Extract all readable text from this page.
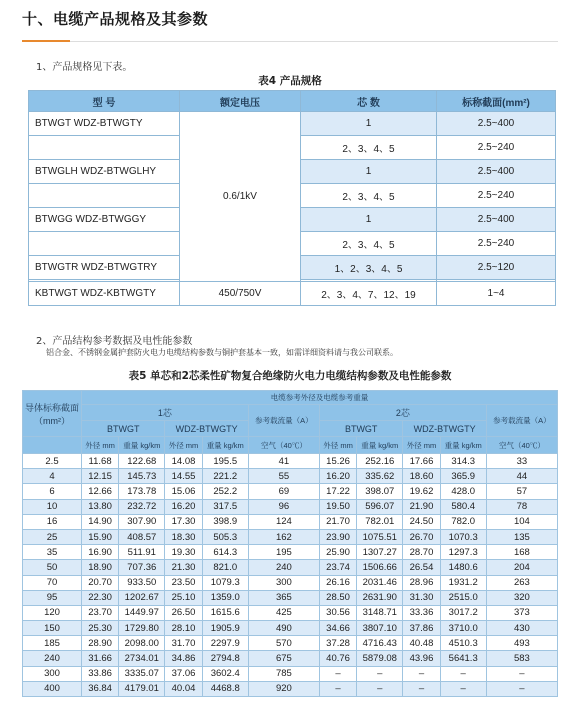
十、电缆产品规格及其参数
1、产品规格见下表。
表4 产品规格
型 号	额定电压	芯 数	标称截面(mm²)
BTWGT WDZ-BTWGTY	0.6/1kV	1	2.5~400
		2、3、4、5	2.5~240
BTWGLH WDZ-BTWGLHY		1	2.5~400
		2、3、4、5	2.5~240
BTWGG WDZ-BTWGGY		1	2.5~400
		2、3、4、5	2.5~240
BTWGTR WDZ-BTWGTRY		1、2、3、4、5	2.5~120

KBTWGT WDZ-KBTWGTY	450/750V	2、3、4、7、12、19	1~4
2、产品结构参考数据及电性能参数
铝合金、不锈钢金属护套防火电力电缆结构参数与铜护套基本一致，如需详细资料请与我公司联系。
表5 单芯和2芯柔性矿物复合绝缘防火电力电缆结构参数及电性能参数
导体标称截面（mm²）	电缆参考外径及电缆参考重量									
	1芯				参考载流量（A）	2芯				参考载流量（A）
	BTWGT		WDZ-BTWGTY			BTWGT		WDZ-BTWGTY		
	外径 mm	重量 kg/km	外径 mm	重量 kg/km	空气（40℃）	外径 mm	重量 kg/km	外径 mm	重量 kg/km	空气（40℃）
2.5	11.68	122.68	14.08	195.5	41	15.26	252.16	17.66	314.3	33
4	12.15	145.73	14.55	221.2	55	16.20	335.62	18.60	365.9	44
6	12.66	173.78	15.06	252.2	69	17.22	398.07	19.62	428.0	57
10	13.80	232.72	16.20	317.5	96	19.50	596.07	21.90	580.4	78
16	14.90	307.90	17.30	398.9	124	21.70	782.01	24.50	782.0	104
25	15.90	408.57	18.30	505.3	162	23.90	1075.51	26.70	1070.3	135
35	16.90	511.91	19.30	614.3	195	25.90	1307.27	28.70	1297.3	168
50	18.90	707.36	21.30	821.0	240	23.74	1506.66	26.54	1480.6	204
70	20.70	933.50	23.50	1079.3	300	26.16	2031.46	28.96	1931.2	263
95	22.30	1202.67	25.10	1359.0	365	28.50	2631.90	31.30	2515.0	320
120	23.70	1449.97	26.50	1615.6	425	30.56	3148.71	33.36	3017.2	373
150	25.30	1729.80	28.10	1905.9	490	34.66	3807.10	37.86	3710.0	430
185	28.90	2098.00	31.70	2297.9	570	37.28	4716.43	40.48	4510.3	493
240	31.66	2734.01	34.86	2794.8	675	40.76	5879.08	43.96	5641.3	583
300	33.86	3335.07	37.06	3602.4	785	–	–	–	–	–
400	36.84	4179.01	40.04	4468.8	920	–	–	–	–	–
